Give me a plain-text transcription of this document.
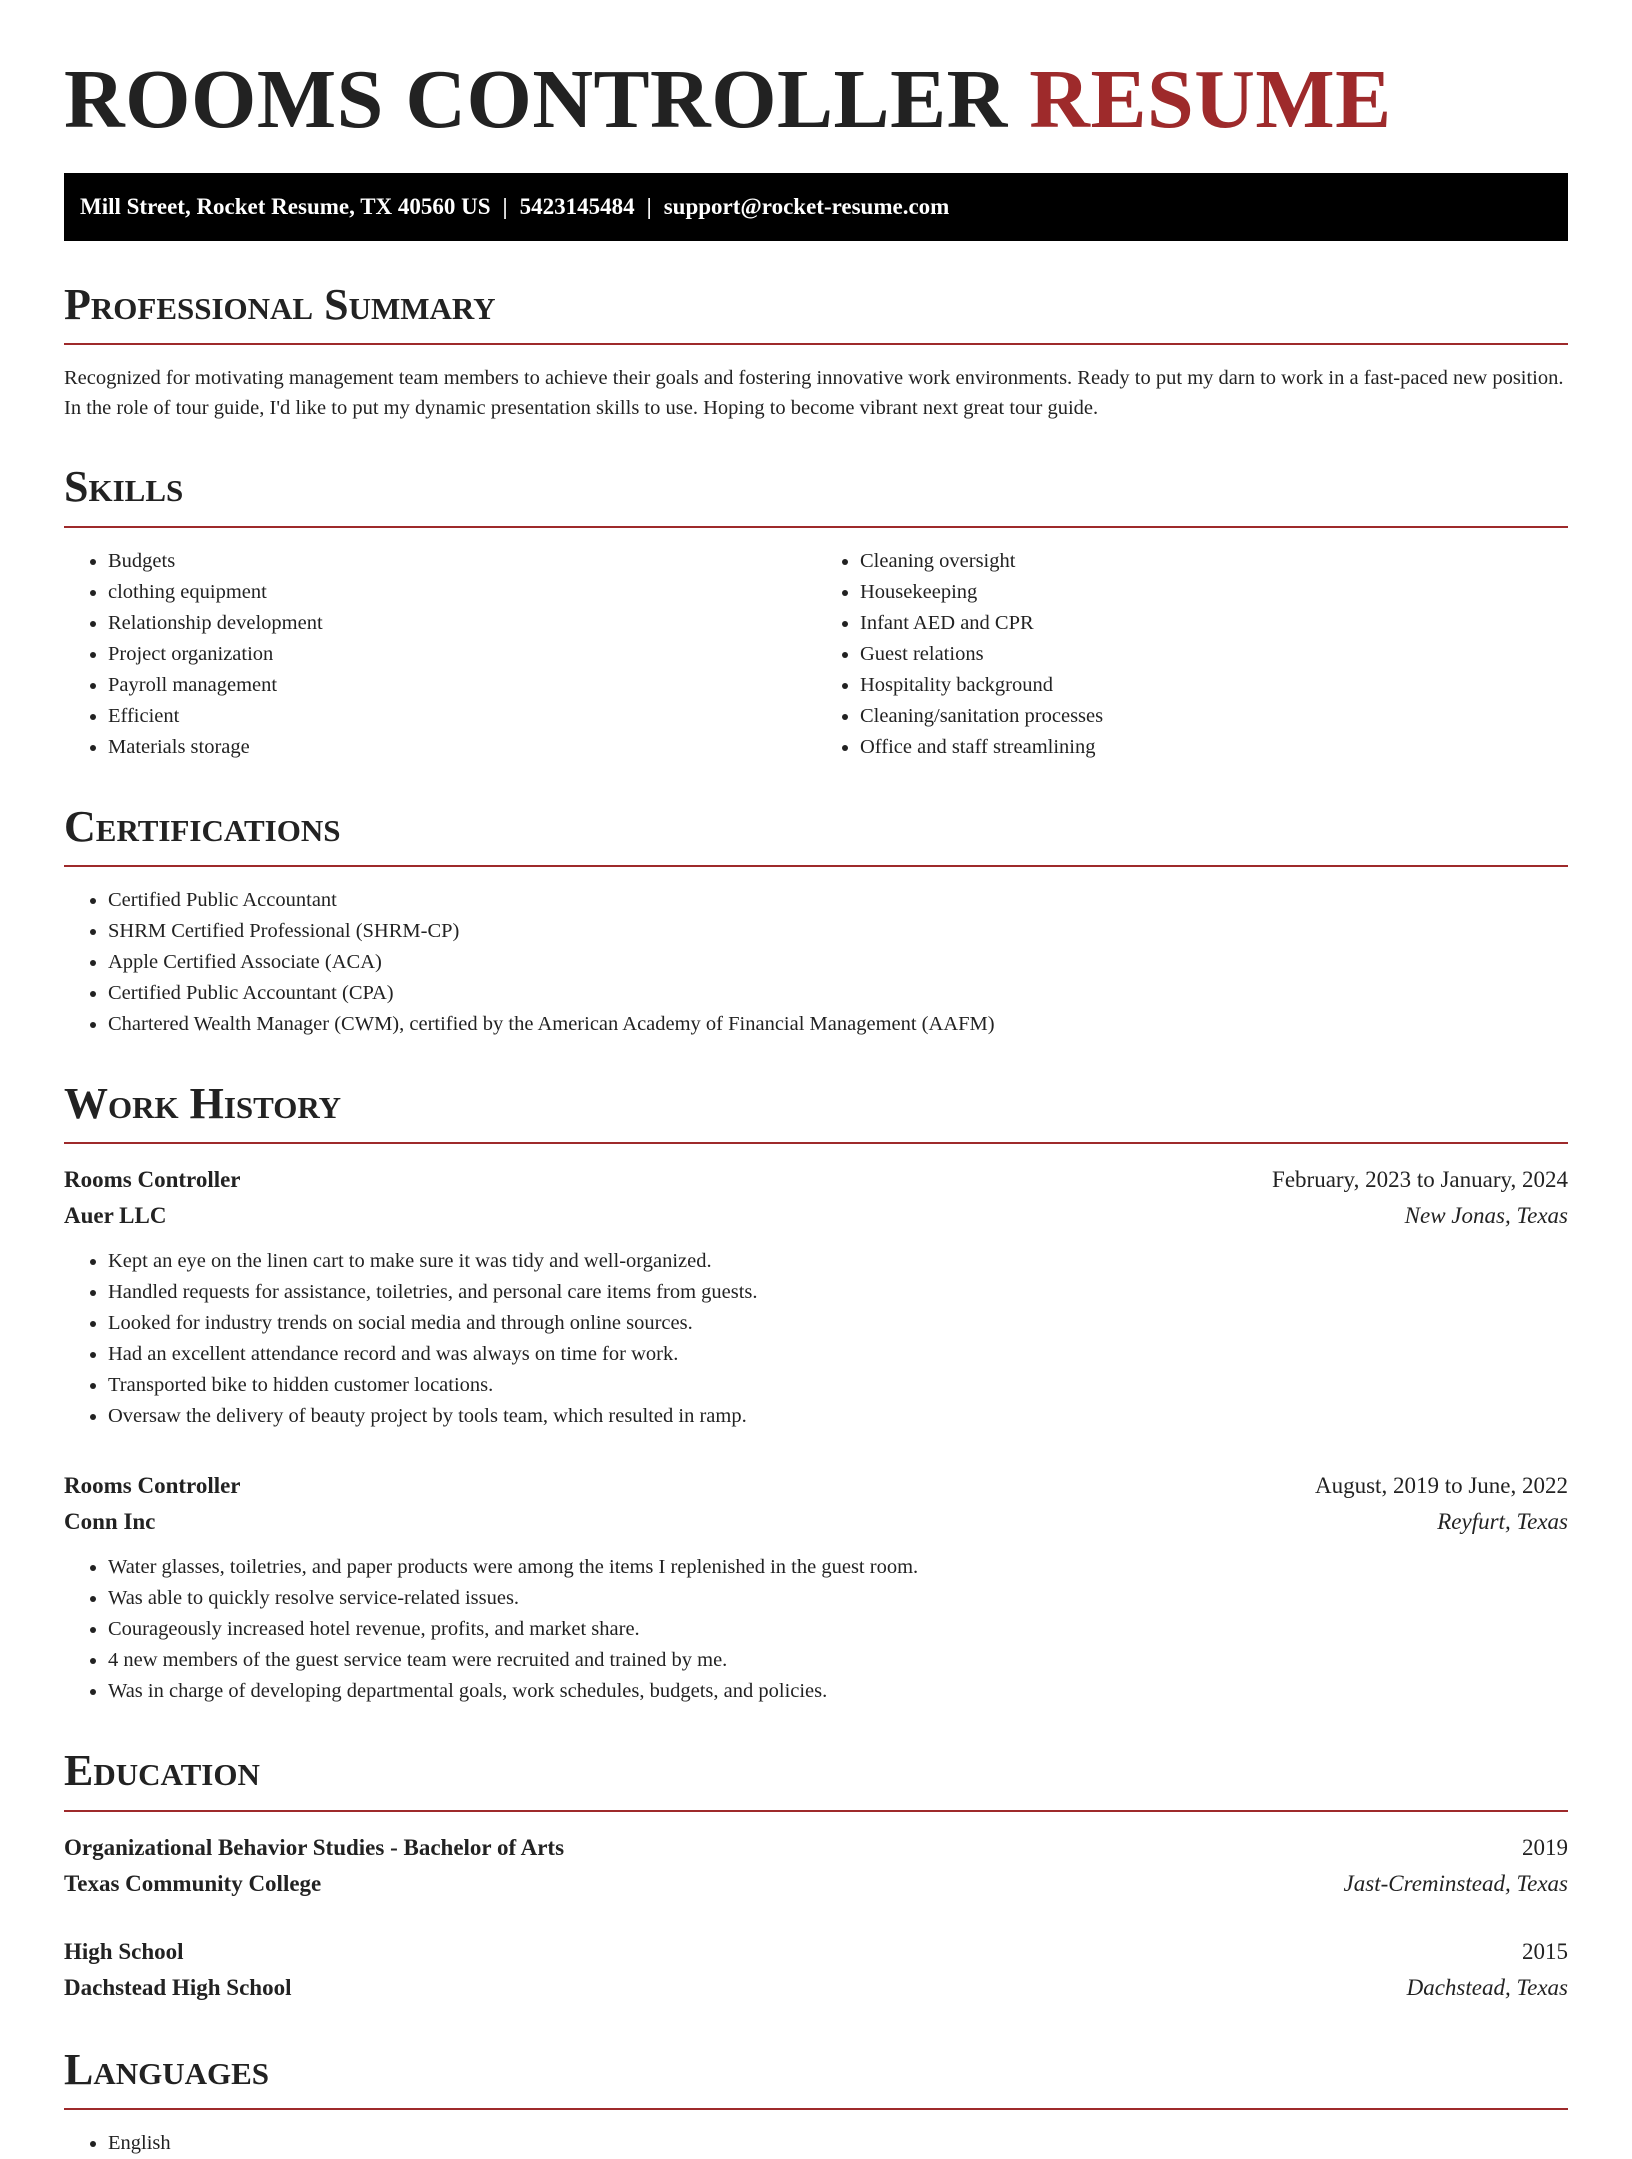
ROOMS CONTROLLER RESUME
Mill Street, Rocket Resume, TX 40560 US | 5423145484 | support@rocket-resume.com
Professional Summary

Recognized for motivating management team members to achieve their goals and fostering innovative work environments. Ready to put my darn to work in a fast-paced new position. In the role of tour guide, I'd like to put my dynamic presentation skills to use. Hoping to become vibrant next great tour guide.

Skills
• Budgets
• clothing equipment
• Relationship development
• Project organization
• Payroll management
• Efficient
• Materials storage
• Cleaning oversight
• Housekeeping
• Infant AED and CPR
• Guest relations
• Hospitality background
• Cleaning/sanitation processes
• Office and staff streamlining
Certifications
• Certified Public Accountant
• SHRM Certified Professional (SHRM-CP)
• Apple Certified Associate (ACA)
• Certified Public Accountant (CPA)
• Chartered Wealth Manager (CWM), certified by the American Academy of Financial Management (AAFM)
Work History
Rooms Controller	February, 2023 to January, 2024
Auer LLC	New Jonas, Texas
• Kept an eye on the linen cart to make sure it was tidy and well-organized.
• Handled requests for assistance, toiletries, and personal care items from guests.
• Looked for industry trends on social media and through online sources.
• Had an excellent attendance record and was always on time for work.
• Transported bike to hidden customer locations.
• Oversaw the delivery of beauty project by tools team, which resulted in ramp.
Rooms Controller	August, 2019 to June, 2022
Conn Inc	Reyfurt, Texas
• Water glasses, toiletries, and paper products were among the items I replenished in the guest room.
• Was able to quickly resolve service-related issues.
• Courageously increased hotel revenue, profits, and market share.
• 4 new members of the guest service team were recruited and trained by me.
• Was in charge of developing departmental goals, work schedules, budgets, and policies.
Education
Organizational Behavior Studies - Bachelor of Arts	2019
Texas Community College	Jast-Creminstead, Texas
High School	2015
Dachstead High School	Dachstead, Texas
Languages
• English
